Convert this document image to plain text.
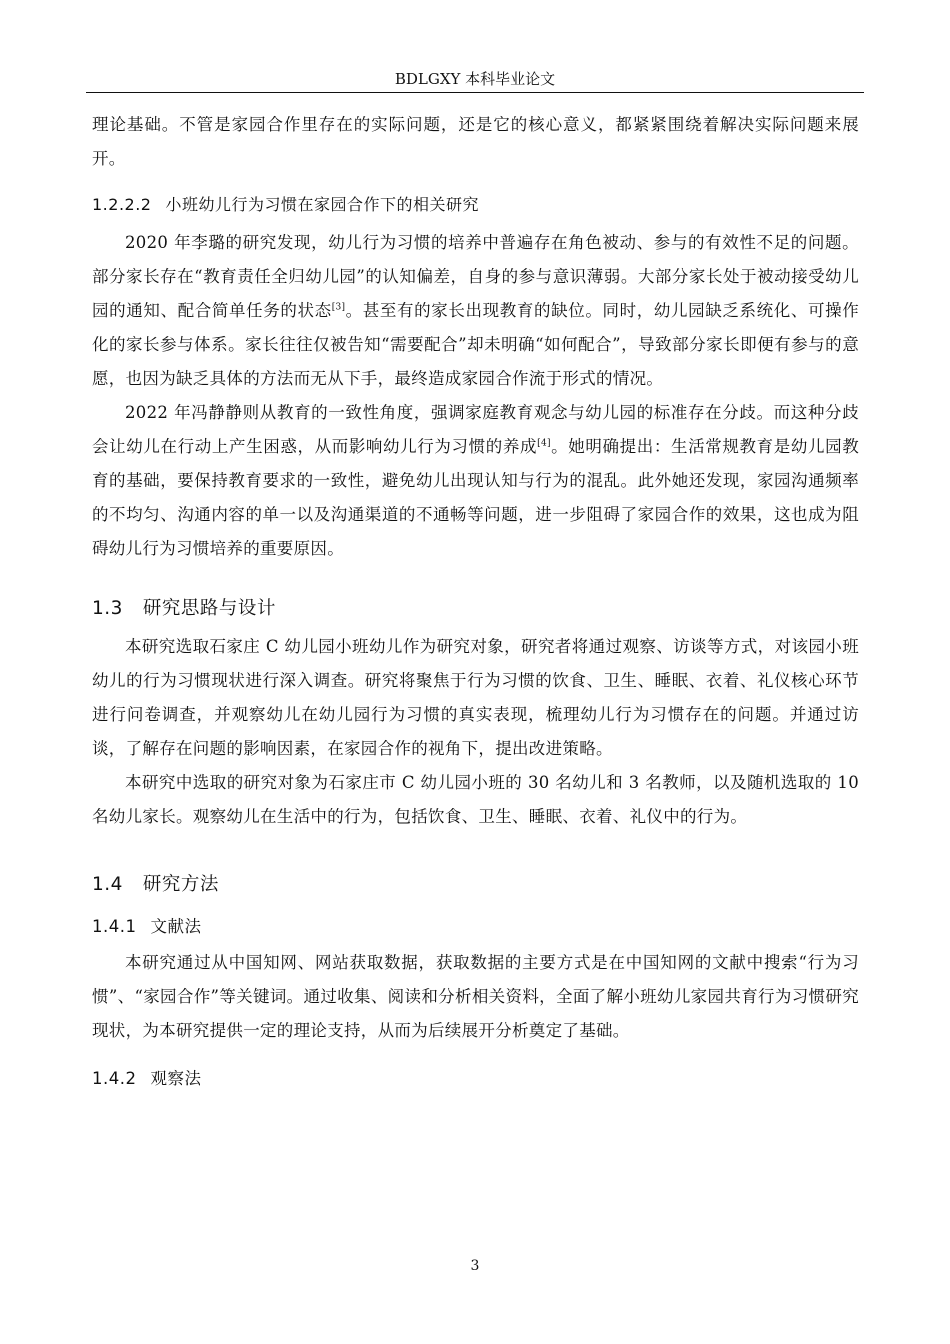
BDLGXY 本科毕业论文

理论基础。不管是家园合作里存在的实际问题，还是它的核心意义，都紧紧围绕着解决实际问题来展开。

1.2.2.2 小班幼儿行为习惯在家园合作下的相关研究

2020 年李璐的研究发现，幼儿行为习惯的培养中普遍存在角色被动、参与的有效性不足的问题。部分家长存在“教育责任全归幼儿园”的认知偏差，自身的参与意识薄弱。大部分家长处于被动接受幼儿园的通知、配合简单任务的状态[3]。甚至有的家长出现教育的缺位。同时，幼儿园缺乏系统化、可操作化的家长参与体系。家长往往仅被告知“需要配合”却未明确“如何配合”，导致部分家长即便有参与的意愿，也因为缺乏具体的方法而无从下手，最终造成家园合作流于形式的情况。

2022 年冯静静则从教育的一致性角度，强调家庭教育观念与幼儿园的标准存在分歧。而这种分歧会让幼儿在行动上产生困惑，从而影响幼儿行为习惯的养成[4]。她明确提出：生活常规教育是幼儿园教育的基础，要保持教育要求的一致性，避免幼儿出现认知与行为的混乱。此外她还发现，家园沟通频率的不均匀、沟通内容的单一以及沟通渠道的不通畅等问题，进一步阻碍了家园合作的效果，这也成为阻碍幼儿行为习惯培养的重要原因。

1.3 研究思路与设计

本研究选取石家庄 C 幼儿园小班幼儿作为研究对象，研究者将通过观察、访谈等方式，对该园小班幼儿的行为习惯现状进行深入调查。研究将聚焦于行为习惯的饮食、卫生、睡眠、衣着、礼仪核心环节进行问卷调查，并观察幼儿在幼儿园行为习惯的真实表现，梳理幼儿行为习惯存在的问题。并通过访谈，了解存在问题的影响因素，在家园合作的视角下，提出改进策略。

本研究中选取的研究对象为石家庄市 C 幼儿园小班的 30 名幼儿和 3 名教师，以及随机选取的 10 名幼儿家长。观察幼儿在生活中的行为，包括饮食、卫生、睡眠、衣着、礼仪中的行为。

1.4 研究方法
1.4.1 文献法

本研究通过从中国知网、网站获取数据，获取数据的主要方式是在中国知网的文献中搜索“行为习惯”、“家园合作”等关键词。通过收集、阅读和分析相关资料，全面了解小班幼儿家园共育行为习惯研究现状，为本研究提供一定的理论支持，从而为后续展开分析奠定了基础。

1.4.2 观察法
3
